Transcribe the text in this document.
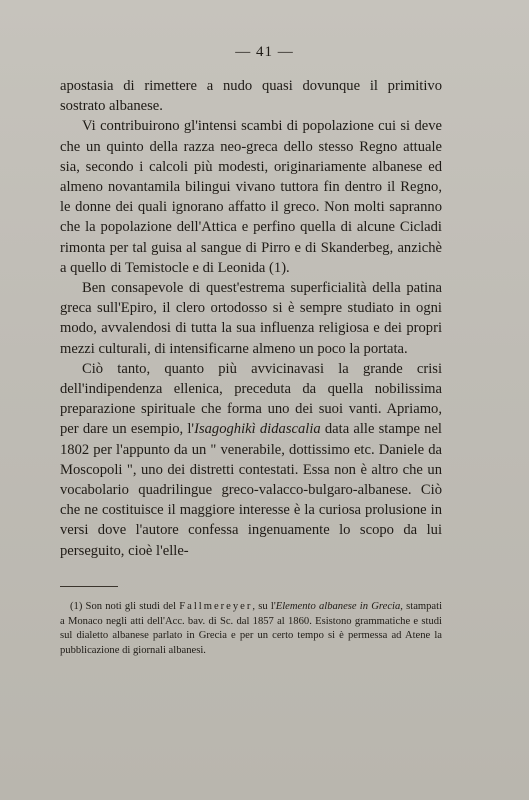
— 41 —

apostasia di rimettere a nudo quasi dovunque il primitivo sostrato albanese.

Vi contribuirono gl'intensi scambi di popolazione cui si deve che un quinto della razza neo-greca dello stesso Regno attuale sia, secondo i calcoli più modesti, originariamente albanese ed almeno novantamila bilingui vivano tuttora fin dentro il Regno, le donne dei quali ignorano affatto il greco. Non molti sapranno che la popolazione dell'Attica e perfino quella di alcune Cicladi rimonta per tal guisa al sangue di Pirro e di Skanderbeg, anzichè a quello di Temistocle e di Leonida (1).

Ben consapevole di quest'estrema superficialità della patina greca sull'Epiro, il clero ortodosso si è sempre studiato in ogni modo, avvalendosi di tutta la sua influenza religiosa e dei propri mezzi culturali, di intensificarne almeno un poco la portata.

Ciò tanto, quanto più avvicinavasi la grande crisi dell'indipendenza ellenica, preceduta da quella nobilissima preparazione spirituale che forma uno dei suoi vanti. Apriamo, per dare un esempio, l'Isagoghikì didascalia data alle stampe nel 1802 per l'appunto da un " venerabile, dottissimo etc. Daniele da Moscopoli ", uno dei distretti contestati. Essa non è altro che un vocabolario quadrilingue greco-valacco-bulgaro-albanese. Ciò che ne costituisce il maggiore interesse è la curiosa prolusione in versi dove l'autore confessa ingenuamente lo scopo da lui perseguito, cioè l'elle-

(1) Son noti gli studi del Fallmereyer, su l'Elemento albanese in Grecia, stampati a Monaco negli atti dell'Acc. bav. di Sc. dal 1857 al 1860. Esistono grammatiche e studi sul dialetto albanese parlato in Grecia e per un certo tempo si è permessa ad Atene la pubblicazione di giornali albanesi.
